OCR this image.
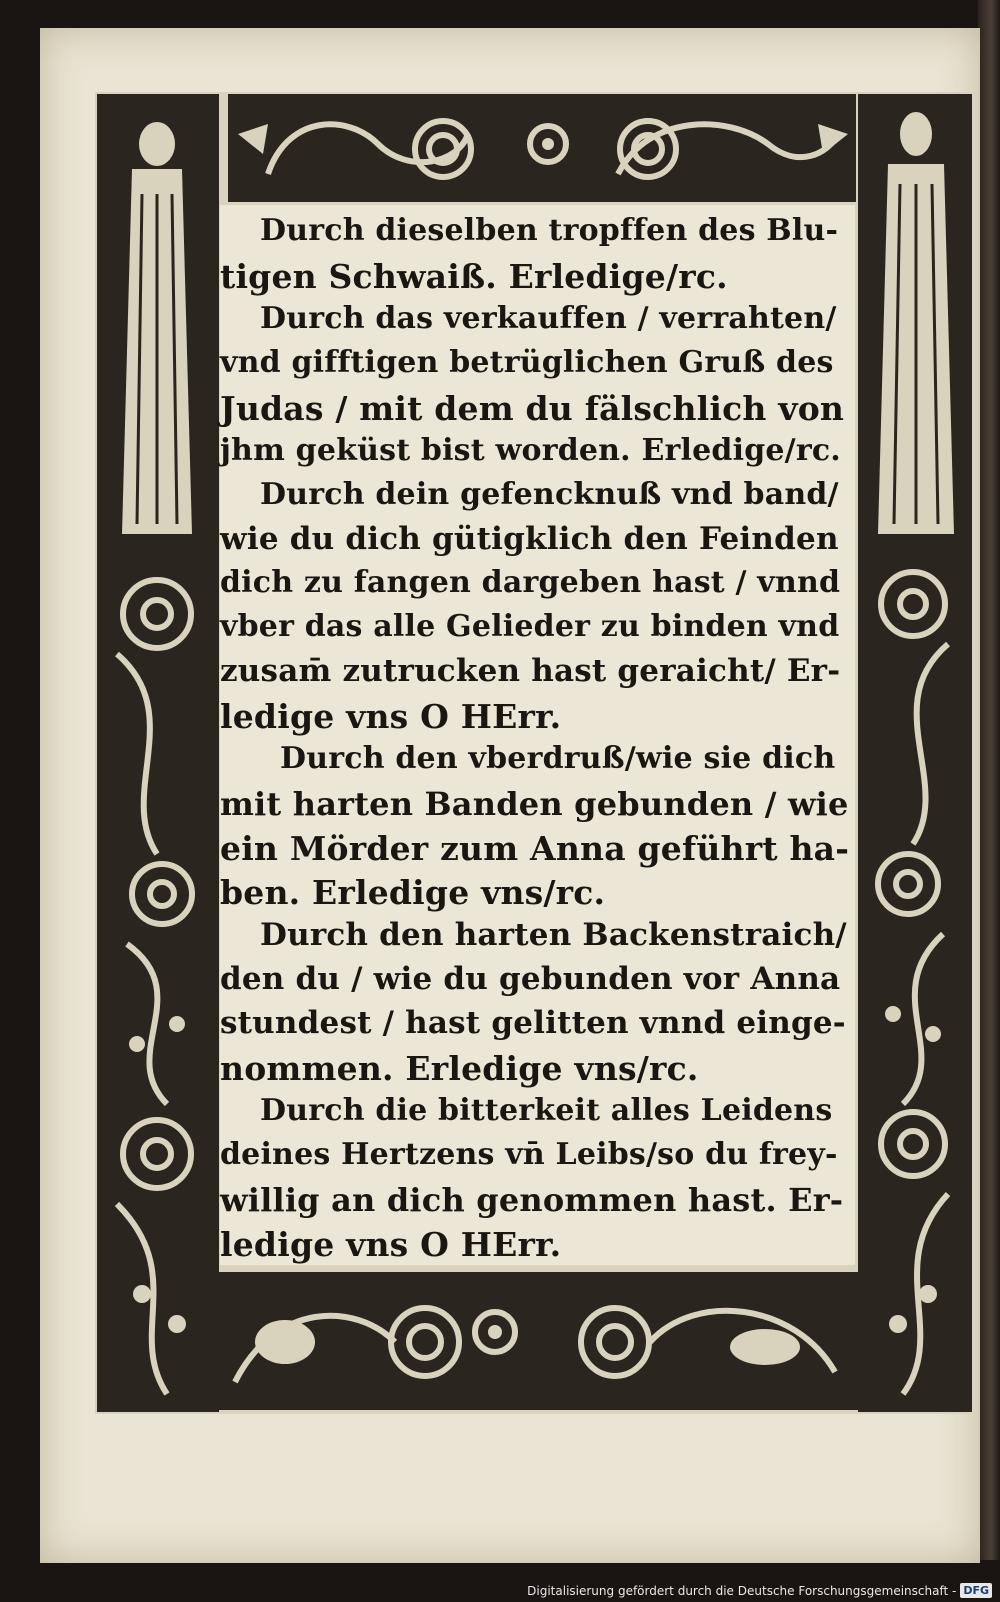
Durch dieselben tropffen des Blu-
tigen Schwaiß. Erledige/rc.
Durch das verkauffen / verrahten/
vnd gifftigen betrüglichen Gruß des
Judas / mit dem du fälschlich von
jhm geküst bist worden. Erledige/rc.
Durch dein gefencknuß vnd band/
wie du dich gütigklich den Feinden
dich zu fangen dargeben hast / vnnd
vber das alle Gelieder zu binden vnd
zusam̄ zutrucken hast geraicht/ Er-
ledige vns O HErr.
Durch den vberdruß/wie sie dich
mit harten Banden gebunden / wie
ein Mörder zum Anna geführt ha-
ben. Erledige vns/rc.
Durch den harten Backenstraich/
den du / wie du gebunden vor Anna
stundest / hast gelitten vnnd einge-
nommen. Erledige vns/rc.
Durch die bitterkeit alles Leidens
deines Hertzens vn̄ Leibs/so du frey-
willig an dich genommen hast. Er-
ledige vns O HErr.
Digitalisierung gefördert durch die Deutsche Forschungsgemeinschaft - DFG
